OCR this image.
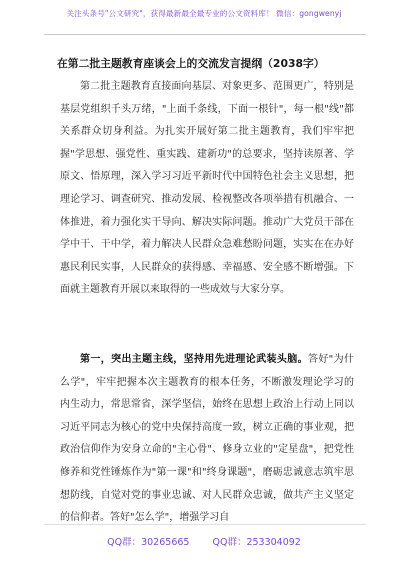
关注头条号"公文研究"，获得最新最全最专业的公文资料库！ 微信：gongwenyj
在第二批主题教育座谈会上的交流发言提纲（2038字）

第二批主题教育直接面向基层、对象更多、范围更广，特别是基层党组织千头万绪，"上面千条线，下面一根针"，每一根"线"都关系群众切身利益。为扎实开展好第二批主题教育，我们牢牢把握"学思想、强党性、重实践、建新功"的总要求，坚持读原著、学原文、悟原理，深入学习习近平新时代中国特色社会主义思想，把理论学习、调查研究、推动发展、检视整改各项举措有机融合、一体推进，着力强化实干导向、解决实际问题。推动广大党员干部在学中干、干中学，着力解决人民群众急难愁盼问题，实实在在办好惠民利民实事，人民群众的获得感、幸福感、安全感不断增强。下面就主题教育开展以来取得的一些成效与大家分享。

第一，突出主题主线，坚持用先进理论武装头脑。答好"为什么学"，牢牢把握本次主题教育的根本任务，不断激发理论学习的内生动力，常思常省，深学坚信，始终在思想上政治上行动上同以习近平同志为核心的党中央保持高度一致，树立正确的事业观，把政治信仰作为安身立命的"主心骨"、修身立业的"定星盘"，把党性修养和党性锤炼作为"第一课"和"终身课题"，磨砺忠诚意志筑牢思想防线，自觉对党的事业忠诚、对人民群众忠诚，做共产主义坚定的信仰者。答好"怎么学"，增强学习自

QQ群：30265665 QQ群：253304092
